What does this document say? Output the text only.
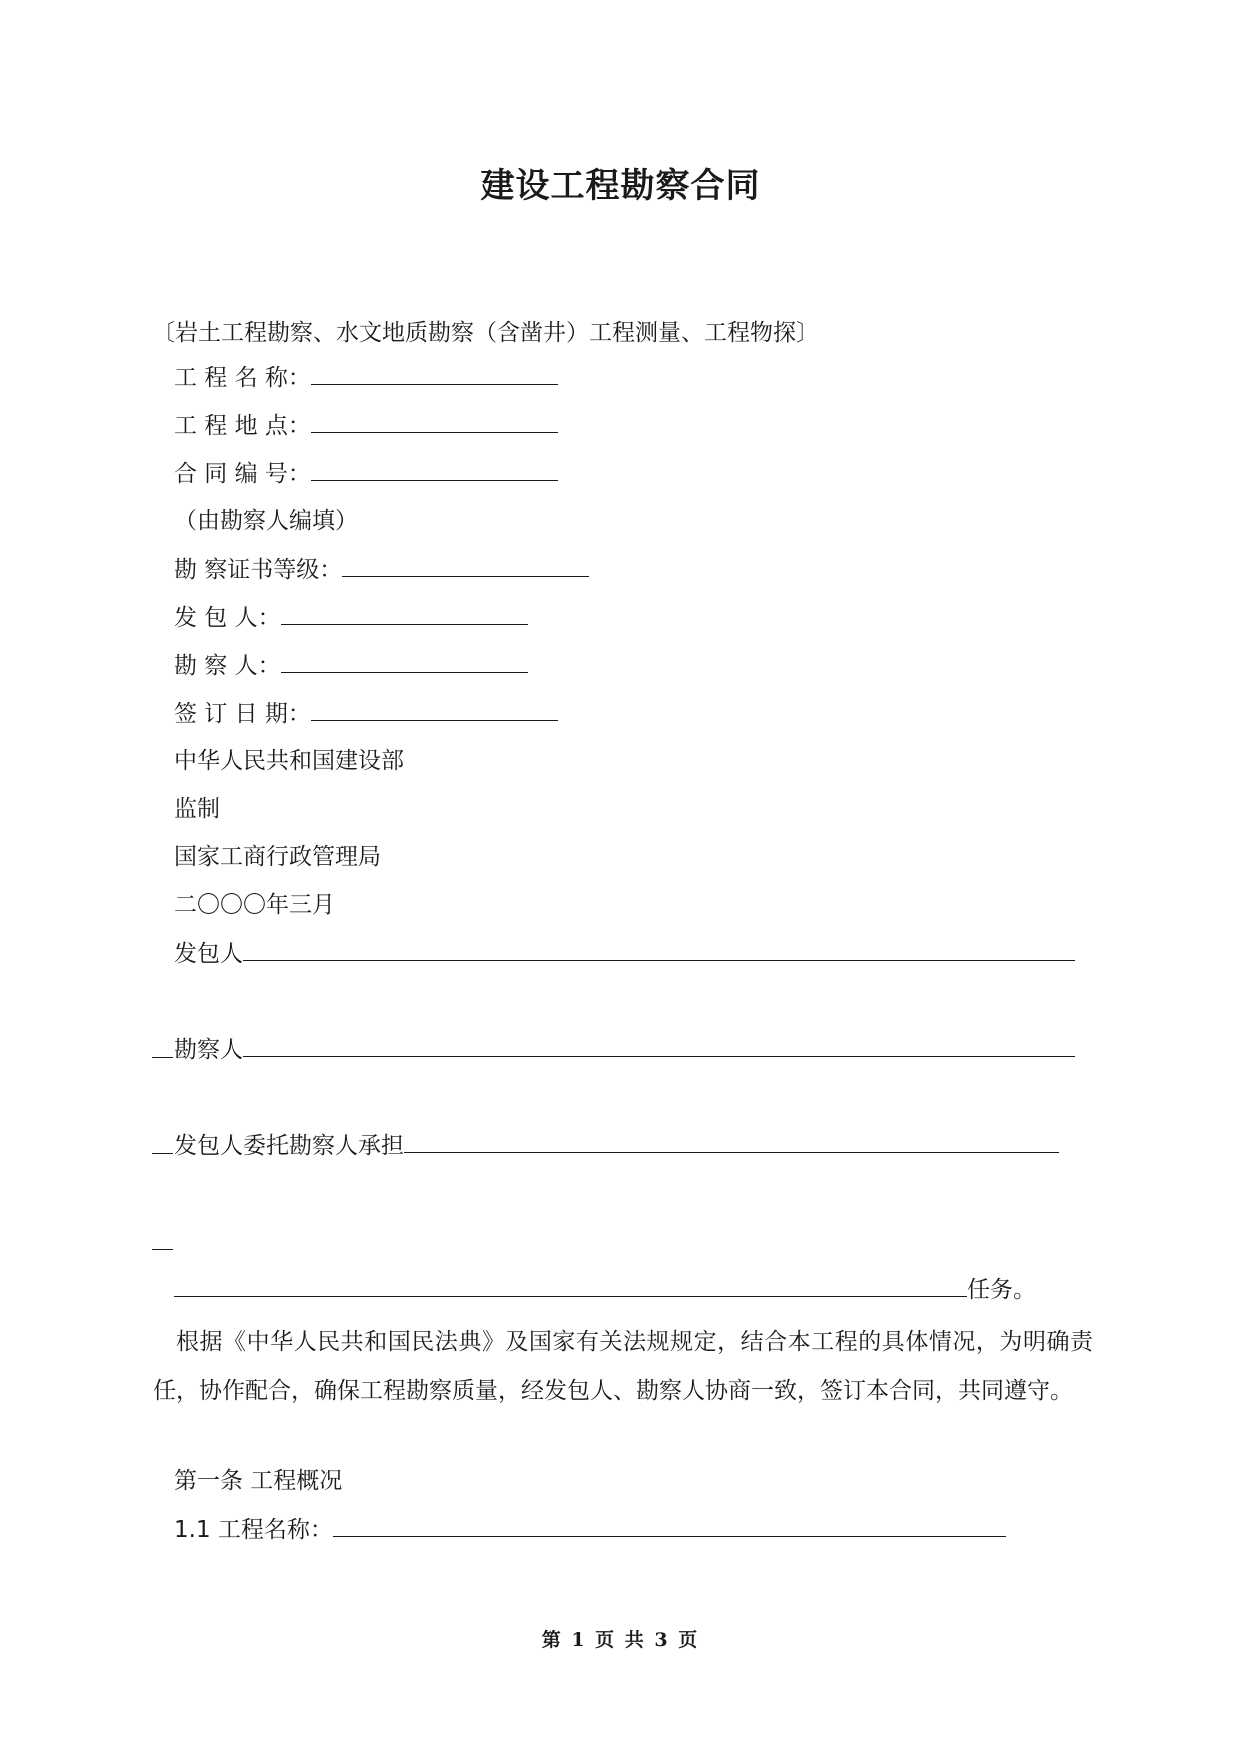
建设工程勘察合同
〔岩土工程勘察、水文地质勘察（含凿井）工程测量、工程物探〕
工 程 名 称：
工 程 地 点：
合 同 编 号：
（由勘察人编填）
勘 察证书等级：
发 包 人：
勘 察 人：
签 订 日 期：
中华人民共和国建设部
监制
国家工商行政管理局
二〇〇〇年三月
发包人
勘察人
发包人委托勘察人承担
任务。
根据《中华人民共和国民法典》及国家有关法规规定，结合本工程的具体情况，为明确责任，协作配合，确保工程勘察质量，经发包人、勘察人协商一致，签订本合同，共同遵守。
第一条 工程概况
1.1 工程名称：
第 1 页 共 3 页
